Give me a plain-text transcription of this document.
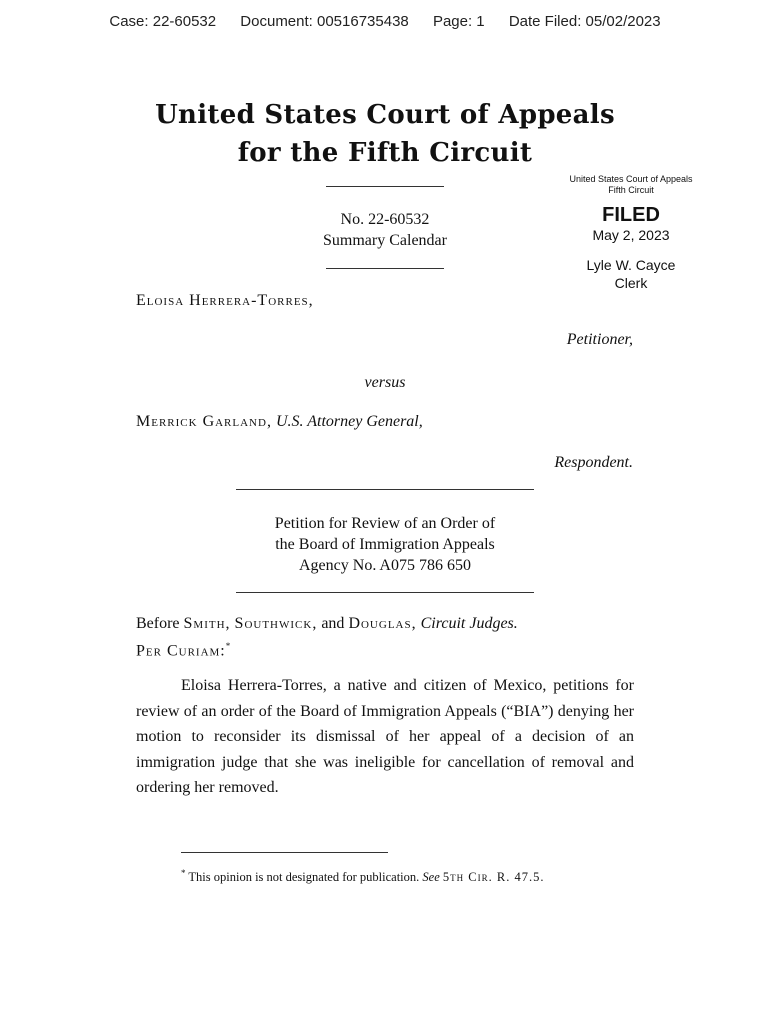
Case: 22-60532 Document: 00516735438 Page: 1 Date Filed: 05/02/2023
United States Court of Appeals
for the Fifth Circuit
United States Court of Appeals
Fifth Circuit
FILED
May 2, 2023
Lyle W. Cayce
Clerk
No. 22-60532
Summary Calendar
Eloisa Herrera-Torres,
Petitioner,
versus
Merrick Garland, U.S. Attorney General,
Respondent.
Petition for Review of an Order of
the Board of Immigration Appeals
Agency No. A075 786 650
Before Smith, Southwick, and Douglas, Circuit Judges.
Per Curiam:*
Eloisa Herrera-Torres, a native and citizen of Mexico, petitions for review of an order of the Board of Immigration Appeals (“BIA”) denying her motion to reconsider its dismissal of her appeal of a decision of an immigration judge that she was ineligible for cancellation of removal and ordering her removed.
* This opinion is not designated for publication. See 5th Cir. R. 47.5.
